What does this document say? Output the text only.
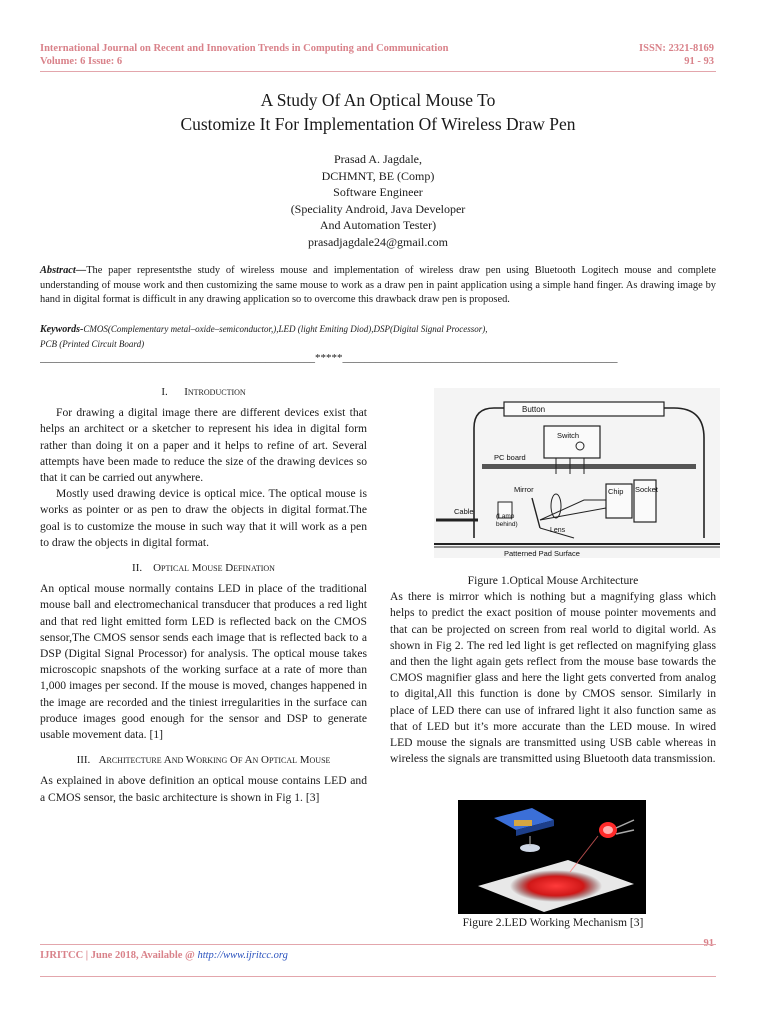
International Journal on Recent and Innovation Trends in Computing and Communication
Volume: 6 Issue: 6
ISSN: 2321-8169
91 - 93
A Study Of An Optical Mouse To
Customize It For Implementation Of Wireless Draw Pen
Prasad A. Jagdale,
DCHMNT, BE (Comp)
Software Engineer
(Speciality Android, Java Developer
And Automation Tester)
prasadjagdale24@gmail.com
Abstract—The paper representsthe study of wireless mouse and implementation of wireless draw pen using Bluetooth Logitech mouse and complete understanding of mouse work and then customizing the same mouse to work as a draw pen in paint application using a simple hand finger. As drawing image by hand in digital format is difficult in any drawing application so to overcome this drawback draw pen is proposed.
Keywords-CMOS(Complementary metal–oxide–semiconductor,),LED (light Emiting Diod),DSP(Digital Signal Processor),
PCB (Printed Circuit Board)
__________________________________________________*****__________________________________________________
I. Introduction

For drawing a digital image there are different devices exist that helps an architect or a sketcher to represent his idea in digital form rather than doing it on a paper and it helps to refine of art. Several attempts have been made to reduce the size of the drawing devices so that it can be carried out anywhere.

Mostly used drawing device is optical mice. The optical mouse is works as pointer or as pen to draw the objects in digital format.The goal is to customize the mouse in such way that it will work as a pen to draw the objects in digital format.

II. Optical Mouse Defination

An optical mouse normally contains LED in place of the traditional mouse ball and electromechanical transducer that produces a red light and that red light emitted form LED is reflected back on the CMOS sensor,The CMOS sensor sends each image that is reflected back to a DSP (Digital Signal Processor) for analysis. The optical mouse takes microscopic snapshots of the working surface at a rate of more than 1,000 images per second. If the mouse is moved, changes happened in the image are recorded and the tiniest irregularities in the surface can produce images good enough for the sensor and DSP to generate usable movement data. [1]

III. Architecture And Working Of An Optical Mouse

As explained in above definition an optical mouse contains LED and a CMOS sensor, the basic architecture is shown in Fig 1. [3]

Button
Switch
PC board
Chip Socket
Mirror
Lens
(Lamp
behind)
Cable
Patterned Pad Surface
Figure 1.Optical Mouse Architecture

As there is mirror which is nothing but a magnifying glass which helps to predict the exact position of mouse pointer movements and that can be projected on screen from real world to digital world. As shown in Fig 2. The red led light is get reflected on magnifying glass and then the light again gets reflect from the mouse base towards the CMOS magnifier glass and here the light gets converted from analog to digital,All this function is done by CMOS sensor. Similarly in place of LED there can use of infrared light it also function same as that of LED but it’s more accurate than the LED mouse. In wired LED mouse the signals are transmitted using USB cable whereas in wireless the signals are transmitted using Bluetooth data transmission.

Figure 2.LED Working Mechanism [3]
91
IJRITCC | June 2018, Available @ http://www.ijritcc.org
